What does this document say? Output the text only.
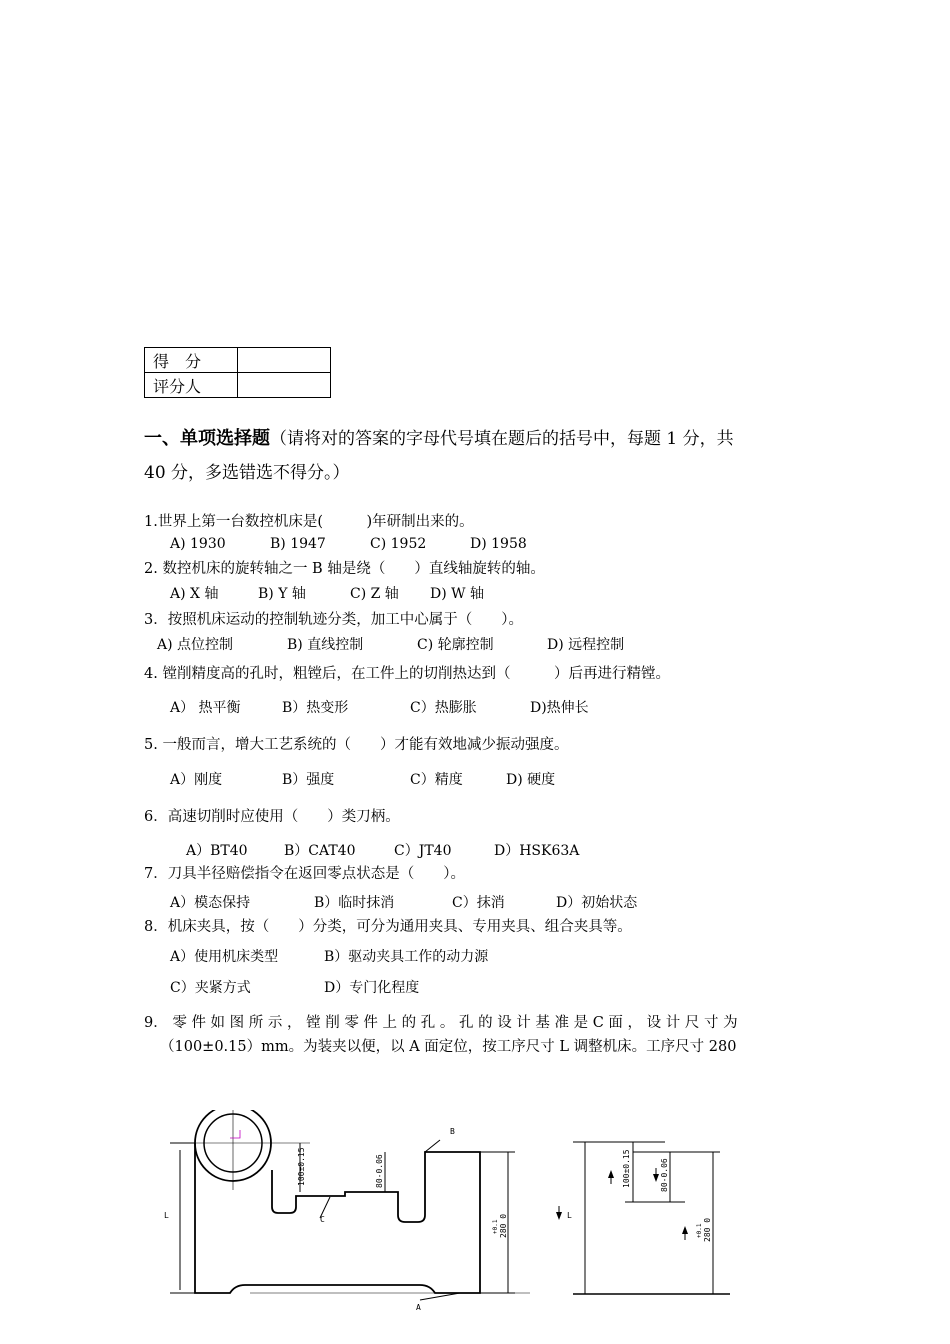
得　分	
评分人	
一、单项选择题（请将对的答案的字母代号填在题后的括号中，每题 1 分，共
40 分，多选错选不得分。）
1.世界上第一台数控机床是(　　　)年研制出来的。
A) 1930	B) 1947	C) 1952	D) 1958
2. 数控机床的旋转轴之一 B 轴是绕（　　）直线轴旋转的轴。
A) X 轴	B) Y 轴	C) Z 轴 D) W 轴
3．按照机床运动的控制轨迹分类，加工中心属于（　　）。
A) 点位控制	B) 直线控制	C) 轮廓控制	D) 远程控制
4. 镗削精度高的孔时，粗镗后，在工件上的切削热达到（　　　）后再进行精镗。
A） 热平衡	B）热变形	C）热膨胀	D)热伸长
5. 一般而言，增大工艺系统的（　　）才能有效地减少振动强度。
A）刚度	B）强度	C）精度	D) 硬度
6．高速切削时应使用（　　）类刀柄。
A）BT40	B）CAT40	C）JT40	D）HSK63A
7．刀具半径赔偿指令在返回零点状态是（　　）。
A）模态保持	B）临时抹消	C）抹消	D）初始状态
8．机床夹具，按（　　）分类，可分为通用夹具、专用夹具、组合夹具等。
A）使用机床类型	B）驱动夹具工作的动力源
C）夹紧方式	D）专门化程度
9． 零 件 如 图 所 示 ， 镗 削 零 件 上 的 孔 。 孔 的 设 计 基 准 是 C 面 ， 设 计 尺 寸 为
（100±0.15）mm。为装夹以便，以 A 面定位，按工序尺寸 L 调整机床。工序尺寸 280
B
C
A
L
100±0.15	80-0.06
280 0
+0.1
L
100±0.15	80-0.06
280 0
+0.1
